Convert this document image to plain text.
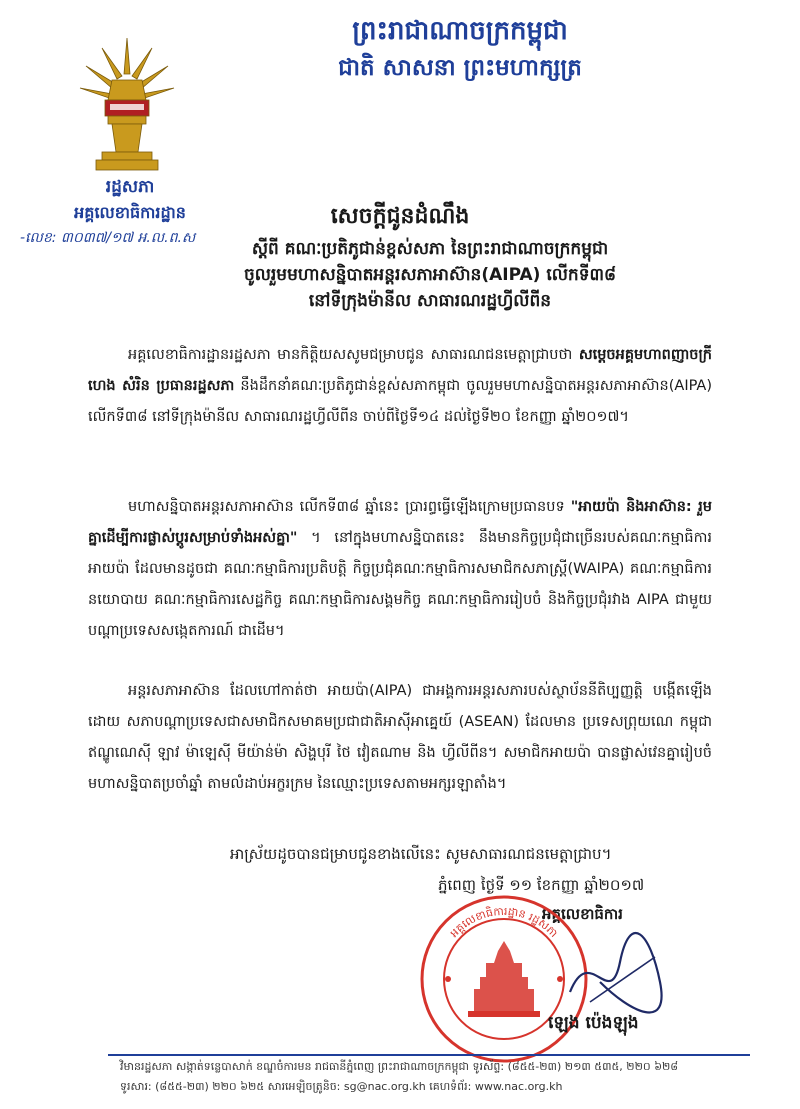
ព្រះរាជាណាចក្រកម្ពុជា
ជាតិ សាសនា ព្រះមហាក្សត្រ
រដ្ឋសភា
អគ្គលេខាធិការដ្ឋាន
-លេខ: ៣០៣៧/១៧ អ.ល.ព.ស
សេចក្ដីជូនដំណឹង
ស្ដីពី គណៈប្រតិភូជាន់ខ្ពស់សភា នៃព្រះរាជាណាចក្រកម្ពុជា
ចូលរួមមហាសន្និបាតអន្តរសភាអាស៊ាន(AIPA) លើកទី៣៨
នៅទីក្រុងម៉ានីល សាធារណរដ្ឋហ្វីលីពីន
អគ្គលេខាធិការដ្ឋានរដ្ឋសភា មានកិត្តិយសសូមជម្រាបជូន សាធារណជនមេត្តាជ្រាបថា សម្ដេចអគ្គមហាពញាចក្រី ហេង សំរិន ប្រធានរដ្ឋសភា នឹងដឹកនាំគណៈប្រតិភូជាន់ខ្ពស់សភាកម្ពុជា ចូលរួមមហាសន្និបាតអន្តរសភាអាស៊ាន(AIPA) លើកទី៣៨ នៅទីក្រុងម៉ានីល សាធារណរដ្ឋហ្វីលីពីន ចាប់ពីថ្ងៃទី១៤ ដល់ថ្ងៃទី២០ ខែកញ្ញា ឆ្នាំ២០១៧។
មហាសន្និបាតអន្តរសភាអាស៊ាន លើកទី៣៨ ឆ្នាំនេះ ប្រារព្ធធ្វើឡើងក្រោមប្រធានបទ "អាយប៉ា និងអាស៊ាន: រួមគ្នាដើម្បីការផ្លាស់ប្ដូរសម្រាប់ទាំងអស់គ្នា" ។ នៅក្នុងមហាសន្និបាតនេះ នឹងមានកិច្ចប្រជុំជាច្រើនរបស់គណៈកម្មាធិការអាយប៉ា ដែលមានដូចជា គណៈកម្មាធិការប្រតិបត្តិ កិច្ចប្រជុំគណៈកម្មាធិការសមាជិកសភាស្ត្រី(WAIPA) គណៈកម្មាធិការនយោបាយ គណៈកម្មាធិការសេដ្ឋកិច្ច គណៈកម្មាធិការសង្គមកិច្ច គណៈកម្មាធិការរៀបចំ និងកិច្ចប្រជុំរវាង AIPA ជាមួយបណ្ដាប្រទេសសង្កេតការណ៍ ជាដើម។
អន្តរសភាអាស៊ាន ដែលហៅកាត់ថា អាយប៉ា(AIPA) ជាអង្គការអន្តរសភារបស់ស្ថាប័ននីតិប្បញ្ញត្តិ បង្កើតឡើងដោយ សភាបណ្ដាប្រទេសជាសមាជិកសមាគមប្រជាជាតិអាស៊ីអាគ្នេយ៍ (ASEAN) ដែលមាន ប្រទេសព្រុយណេ កម្ពុជា ឥណ្ឌូណេស៊ី ឡាវ ម៉ាឡេស៊ី មីយ៉ាន់ម៉ា សិង្ហបុរី ថៃ វៀតណាម និង ហ្វីលីពីន។ សមាជិកអាយប៉ា បានផ្លាស់វេនគ្នារៀបចំមហាសន្និបាតប្រចាំឆ្នាំ តាមលំដាប់អក្ខរក្រម នៃឈ្មោះប្រទេសតាមអក្សរឡាតាំង។
អាស្រ័យដូចបានជម្រាបជូនខាងលើនេះ សូមសាធារណជនមេត្តាជ្រាប។
ភ្នំពេញ ថ្ងៃទី ១១ ខែកញ្ញា ឆ្នាំ២០១៧
អគ្គលេខាធិការ
អគ្គលេខាធិការដ្ឋាន រដ្ឋសភា
ឡេង ប៉េងឡុង
វិមានរដ្ឋសភា សង្កាត់ទន្លេបាសាក់ ខណ្ឌចំការមន រាជធានីភ្នំពេញ ព្រះរាជាណាចក្រកម្ពុជា ទូរស័ព្ទ: (៨៥៥-២៣) ២១៣ ៥៣៥, ២២០ ៦២៨
ទូរសារ: (៨៥៥-២៣) ២២០ ៦២៥ សារអេឡិចត្រូនិច: sg@nac.org.kh គេហទំព័រ: www.nac.org.kh
